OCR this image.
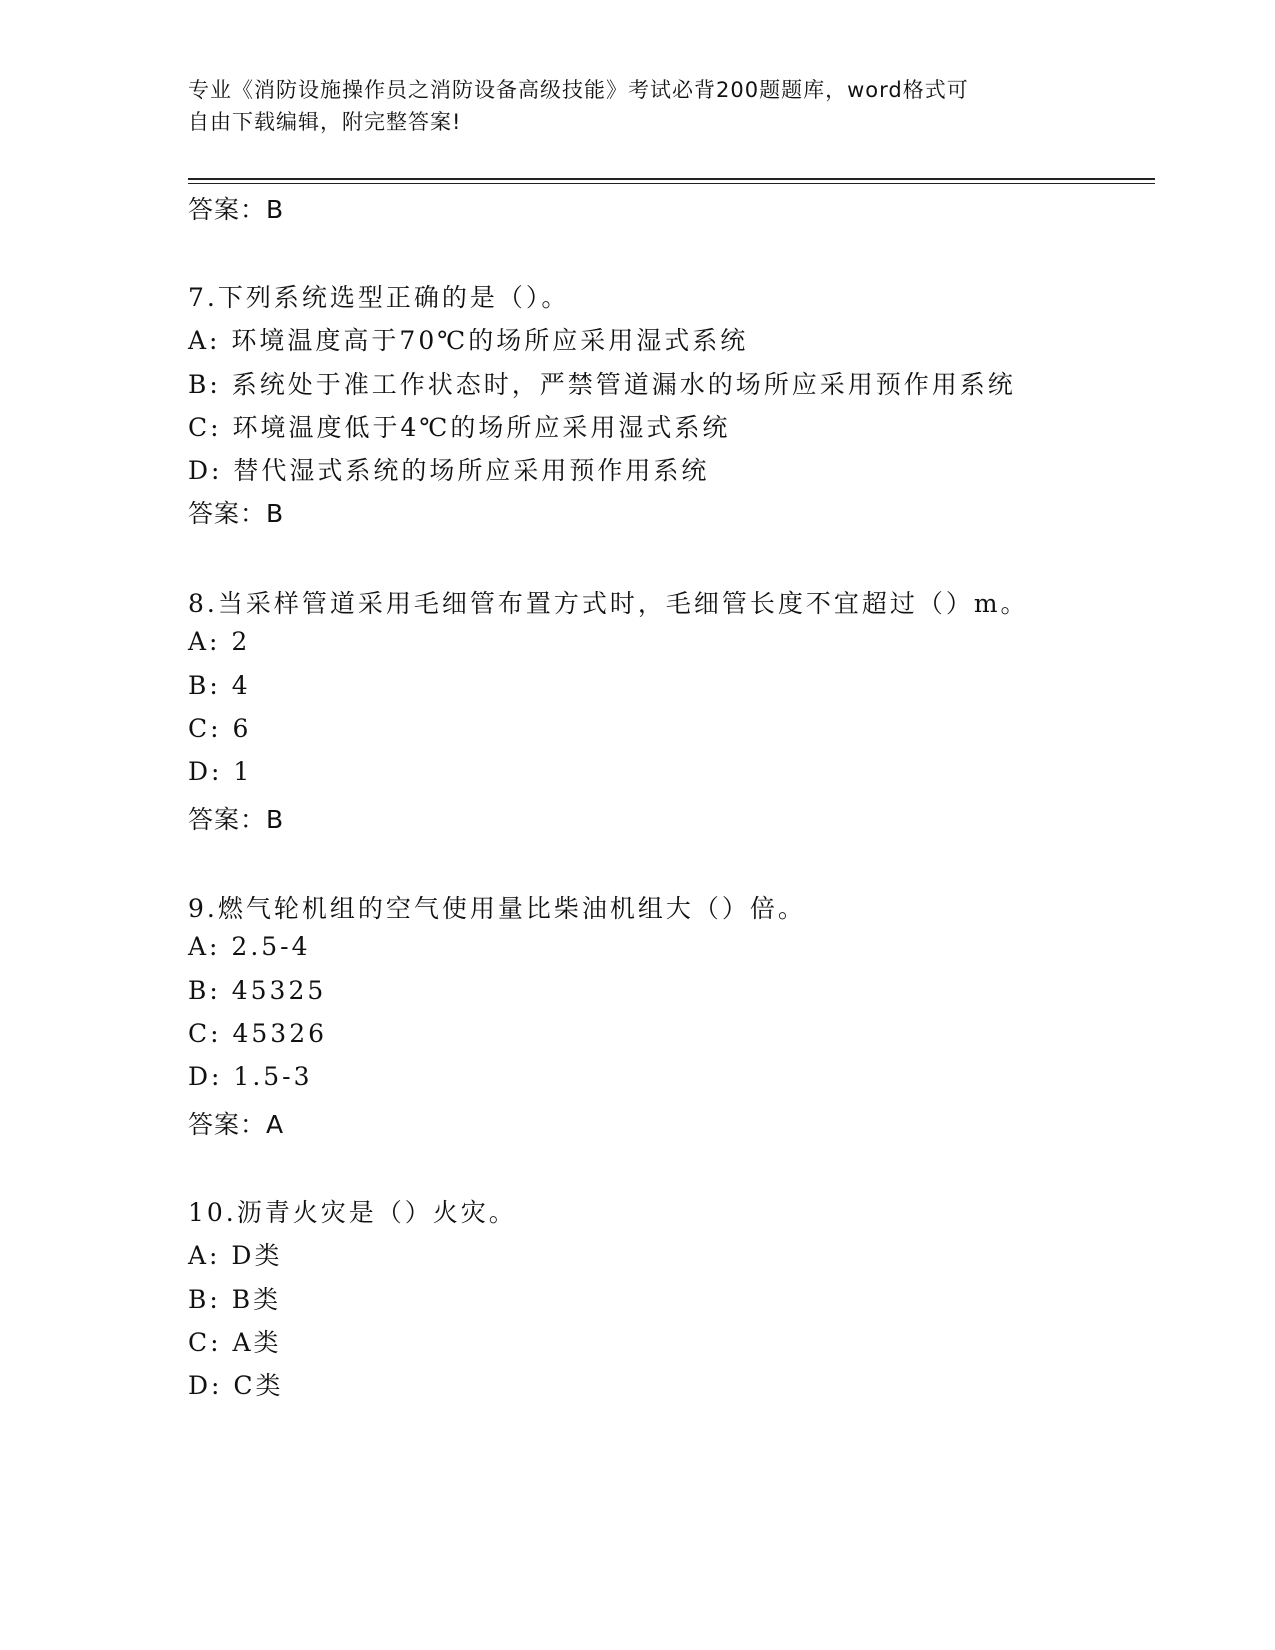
专业《消防设施操作员之消防设备高级技能》考试必背200题题库，word格式可
自由下载编辑，附完整答案!
答案：B
7.下列系统选型正确的是（）。
A: 环境温度高于70℃的场所应采用湿式系统
B: 系统处于准工作状态时，严禁管道漏水的场所应采用预作用系统
C: 环境温度低于4℃的场所应采用湿式系统
D: 替代湿式系统的场所应采用预作用系统
答案：B
8.当采样管道采用毛细管布置方式时，毛细管长度不宜超过（）m。
A: 2
B: 4
C: 6
D: 1
答案：B
9.燃气轮机组的空气使用量比柴油机组大（）倍。
A: 2.5-4
B: 45325
C: 45326
D: 1.5-3
答案：A
10.沥青火灾是（）火灾。
A: D类
B: B类
C: A类
D: C类
